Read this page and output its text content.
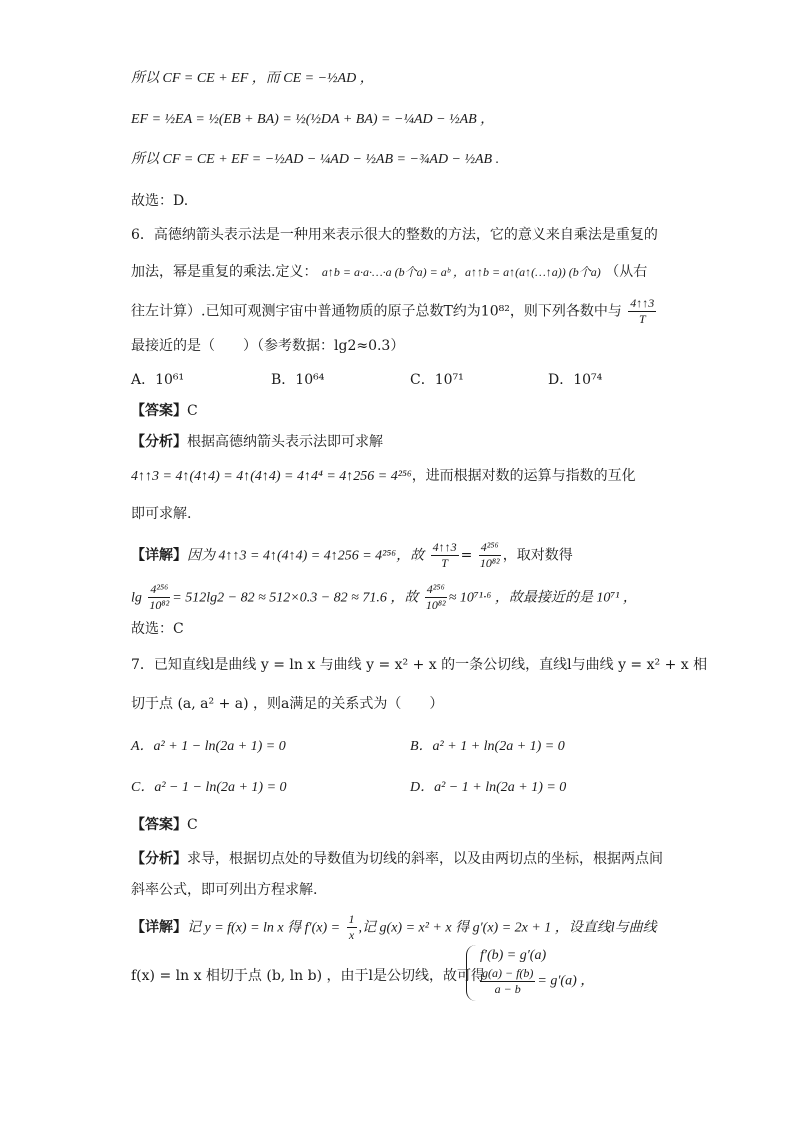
所以 CF = CE + EF ，而 CE = −½AD ，
EF = ½EA = ½(EB + BA) = ½(½DA + BA) = −¼AD − ½AB ，
所以 CF = CE + EF = −½AD − ¼AD − ½AB = −¾AD − ½AB .
故选：D.
6．高德纳箭头表示法是一种用来表示很大的整数的方法，它的意义来自乘法是重复的
加法，幂是重复的乘法.定义： a↑b = a·a·…·a (b个a) = aᵇ ，a↑↑b = a↑(a↑(…↑a)) (b个a) （从右
往左计算）.已知可观测宇宙中普通物质的原子总数T约为10⁸²，则下列各数中与 $\frac{4↑↑3}{T}$
最接近的是（　　）（参考数据：lg2≈0.3）
A．10⁶¹	B．10⁶⁴	C．10⁷¹	D．10⁷⁴
【答案】C
【分析】根据高德纳箭头表示法即可求解
4↑↑3 = 4↑(4↑4) = 4↑(4↑4) = 4↑4⁴ = 4↑256 = 4²⁵⁶，进而根据对数的运算与指数的互化
即可求解.
【详解】因为 4↑↑3 = 4↑(4↑4) = 4↑256 = 4²⁵⁶，故 $\frac{4↑↑3}{T} = \frac{\text{4²⁵⁶}}{\text{10⁸²}}$ ，取对数得
$\lg \frac{\text{4²⁵⁶}}{\text{10⁸²}} = 512\lg 2 - 82 \approx 512\times 0.3 - 82 \approx 71.6$ ，故 $\frac{\text{4²⁵⁶}}{\text{10⁸²}} \approx 10^{71}\cdot^6$ ，故最接近的是 10⁷¹ ，
故选：C
7．已知直线l是曲线 y = ln x 与曲线 y = x² + x 的一条公切线，直线l与曲线 y = x² + x 相
切于点 (a, a² + a) ，则a满足的关系式为（　　）
A．a² + 1 − ln(2a + 1) = 0	B．a² + 1 + ln(2a + 1) = 0
C．a² − 1 − ln(2a + 1) = 0	D．a² − 1 + ln(2a + 1) = 0
【答案】C
【分析】求导，根据切点处的导数值为切线的斜率，以及由两切点的坐标，根据两点间
斜率公式，即可列出方程求解.
【详解】记 y = f(x) = ln x 得 $f'(x) = \frac{1}{x}$ ,记 g(x) = x² + x 得 g′(x) = 2x + 1 ，设直线l与曲线
f(x) = ln x 相切于点 (b, ln b) ，由于l是公切线，故可得
f′(b) = g′(a)
$\frac{g(a) - f(b)}{a - b} = g'(a)$ ，
